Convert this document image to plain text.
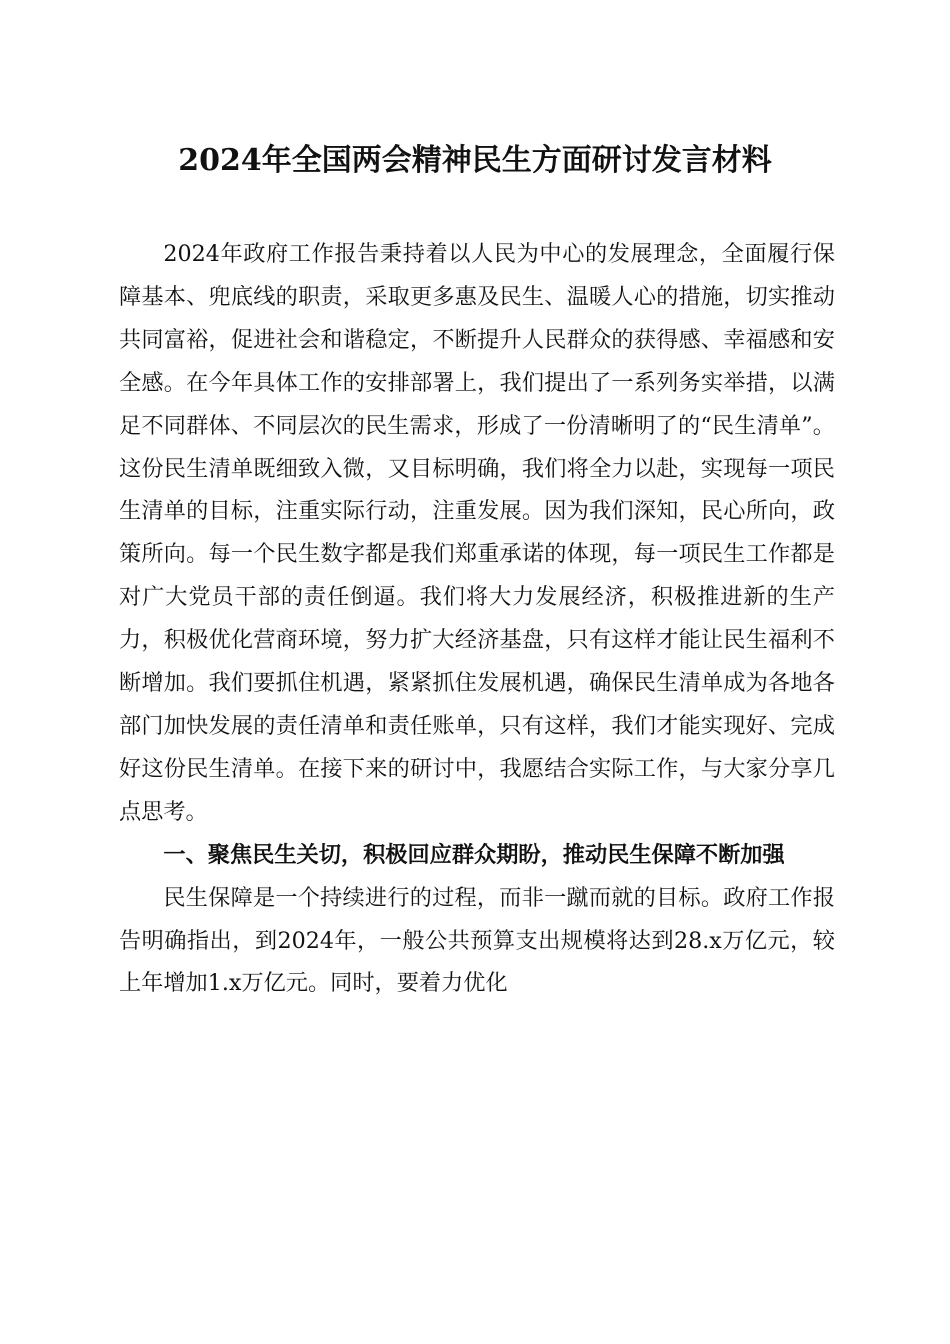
2024年全国两会精神民生方面研讨发言材料

2024年政府工作报告秉持着以人民为中心的发展理念，全面履行保障基本、兜底线的职责，采取更多惠及民生、温暖人心的措施，切实推动共同富裕，促进社会和谐稳定，不断提升人民群众的获得感、幸福感和安全感。在今年具体工作的安排部署上，我们提出了一系列务实举措，以满足不同群体、不同层次的民生需求，形成了一份清晰明了的“民生清单”。这份民生清单既细致入微，又目标明确，我们将全力以赴，实现每一项民生清单的目标，注重实际行动，注重发展。因为我们深知，民心所向，政策所向。每一个民生数字都是我们郑重承诺的体现，每一项民生工作都是对广大党员干部的责任倒逼。我们将大力发展经济，积极推进新的生产力，积极优化营商环境，努力扩大经济基盘，只有这样才能让民生福利不断增加。我们要抓住机遇，紧紧抓住发展机遇，确保民生清单成为各地各部门加快发展的责任清单和责任账单，只有这样，我们才能实现好、完成好这份民生清单。在接下来的研讨中，我愿结合实际工作，与大家分享几点思考。

一、聚焦民生关切，积极回应群众期盼，推动民生保障不断加强

民生保障是一个持续进行的过程，而非一蹴而就的目标。政府工作报告明确指出，到2024年，一般公共预算支出规模将达到28.x万亿元，较上年增加1.x万亿元。同时，要着力优化
